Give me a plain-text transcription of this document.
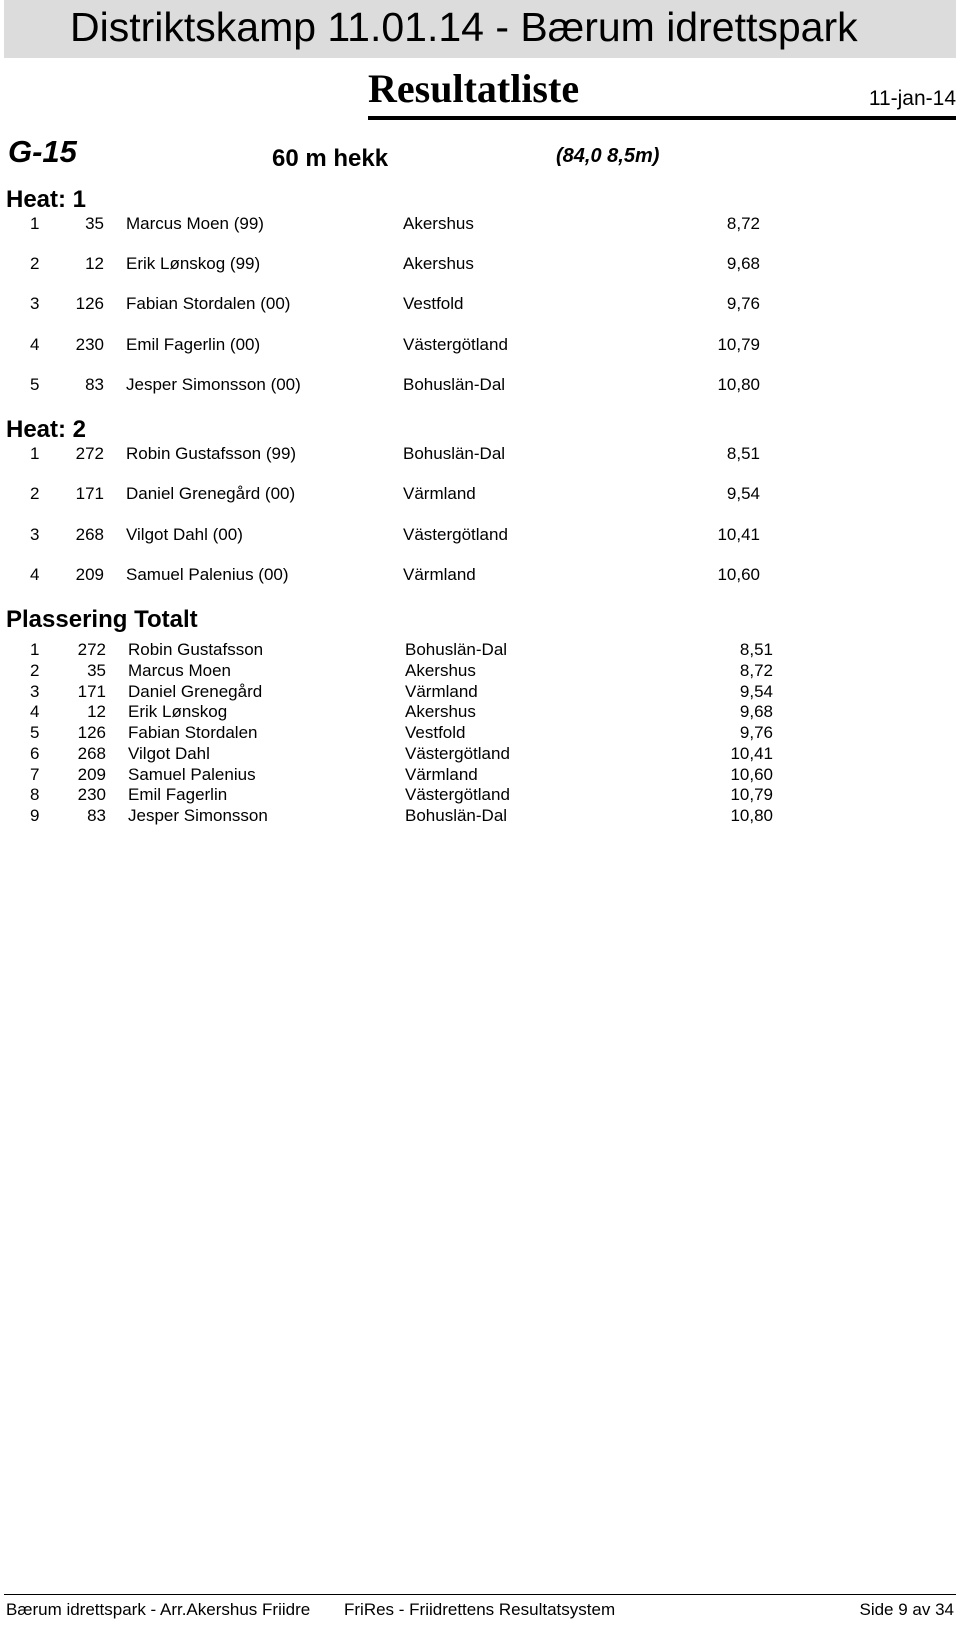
Distriktskamp 11.01.14 - Bærum idrettspark
Resultatliste	11-jan-14
G-15	60 m hekk	(84,0 8,5m)
Heat: 1
1	35 Marcus Moen (99)	Akershus	8,72
2	12 Erik Lønskog (99)	Akershus	9,68
3	126 Fabian Stordalen (00)	Vestfold	9,76
4	230 Emil Fagerlin (00)	Västergötland	10,79
5	83 Jesper Simonsson (00)	Bohuslän-Dal	10,80
Heat: 2
1	272 Robin Gustafsson (99)	Bohuslän-Dal	8,51
2	171 Daniel Grenegård (00)	Värmland	9,54
3	268 Vilgot Dahl (00)	Västergötland	10,41
4	209 Samuel Palenius (00)	Värmland	10,60
Plassering Totalt
1	272 Robin Gustafsson	Bohuslän-Dal	8,51
2	35 Marcus Moen	Akershus	8,72
3	171 Daniel Grenegård	Värmland	9,54
4	12 Erik Lønskog	Akershus	9,68
5	126 Fabian Stordalen	Vestfold	9,76
6	268 Vilgot Dahl	Västergötland	10,41
7	209 Samuel Palenius	Värmland	10,60
8	230 Emil Fagerlin	Västergötland	10,79
9	83 Jesper Simonsson	Bohuslän-Dal	10,80
Bærum idrettspark - Arr.Akershus Friidre FriRes - Friidrettens Resultatsystem	Side 9 av 34
